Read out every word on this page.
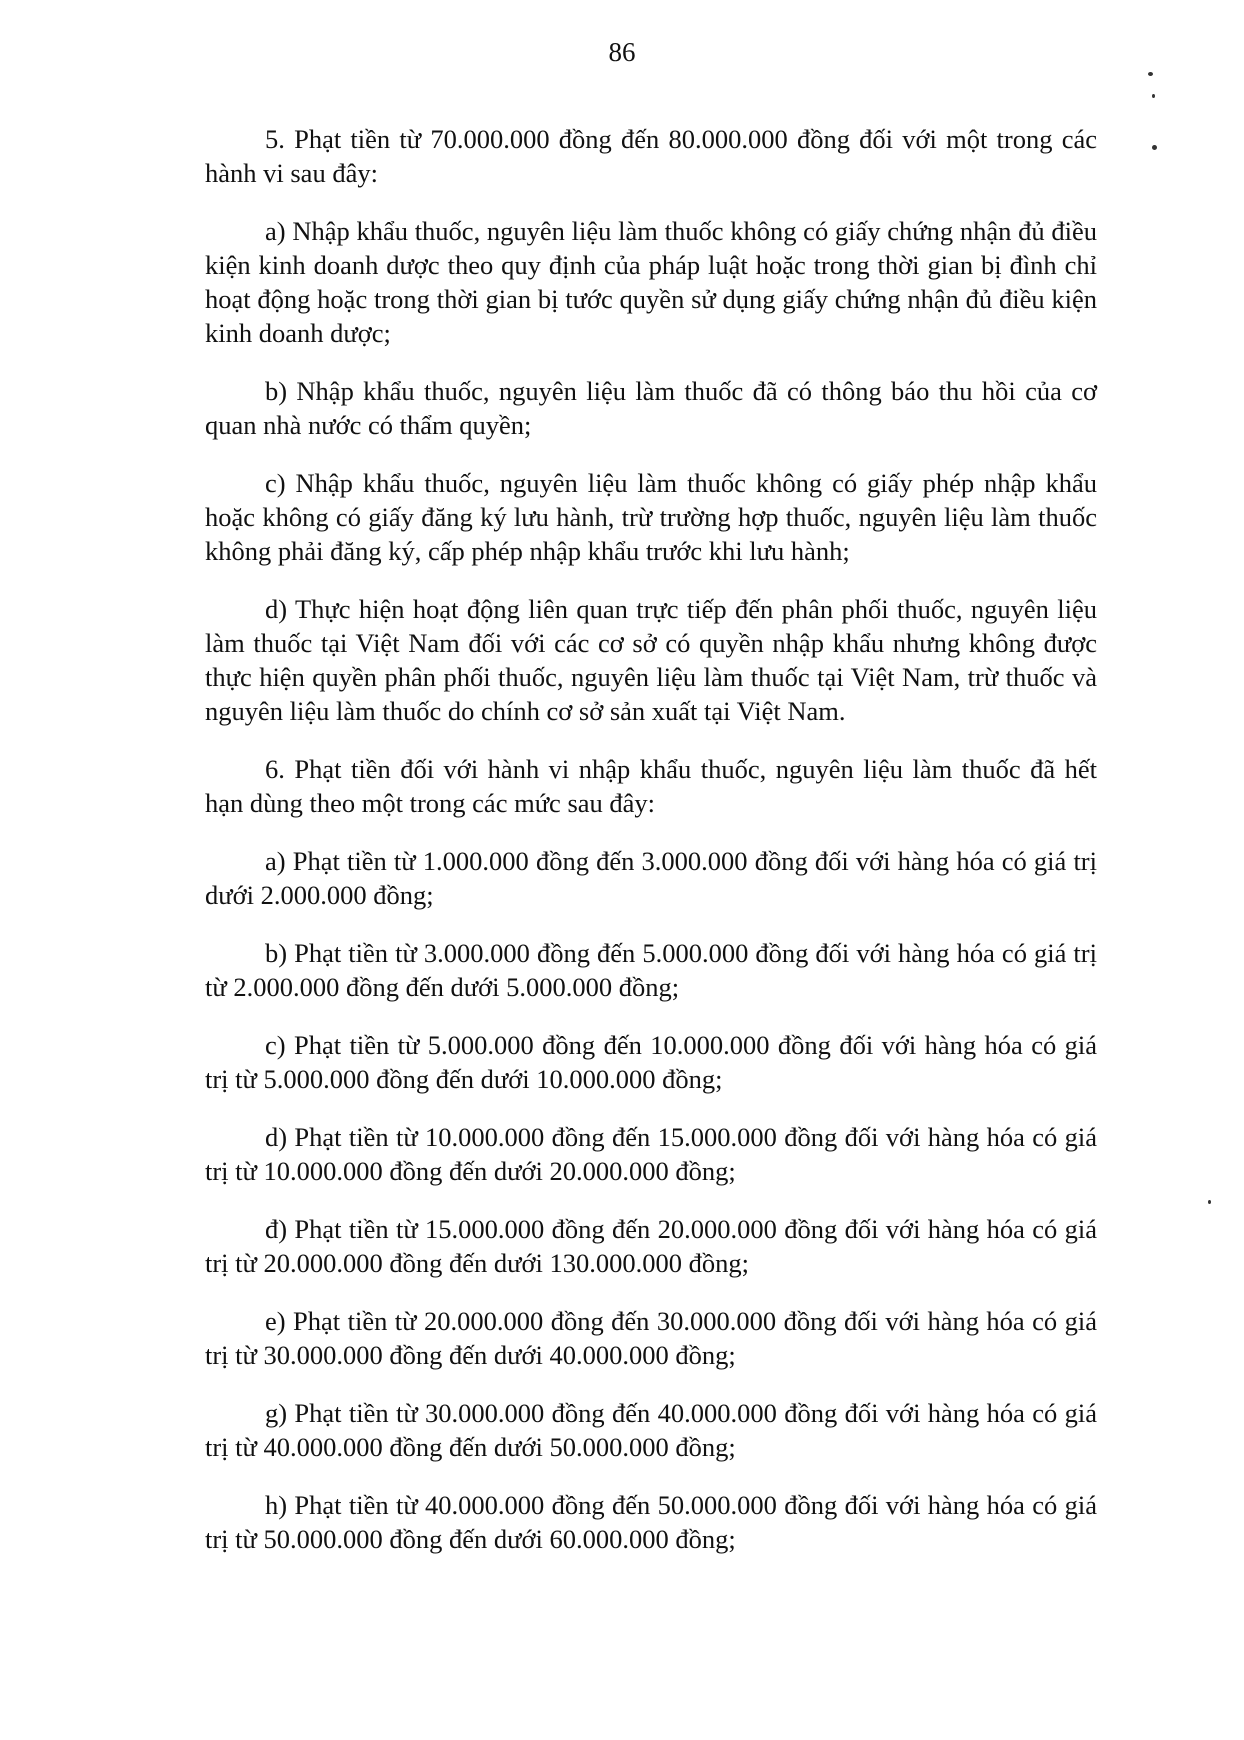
86

5. Phạt tiền từ 70.000.000 đồng đến 80.000.000 đồng đối với một trong các hành vi sau đây:

a) Nhập khẩu thuốc, nguyên liệu làm thuốc không có giấy chứng nhận đủ điều kiện kinh doanh dược theo quy định của pháp luật hoặc trong thời gian bị đình chỉ hoạt động hoặc trong thời gian bị tước quyền sử dụng giấy chứng nhận đủ điều kiện kinh doanh dược;

b) Nhập khẩu thuốc, nguyên liệu làm thuốc đã có thông báo thu hồi của cơ quan nhà nước có thẩm quyền;

c) Nhập khẩu thuốc, nguyên liệu làm thuốc không có giấy phép nhập khẩu hoặc không có giấy đăng ký lưu hành, trừ trường hợp thuốc, nguyên liệu làm thuốc không phải đăng ký, cấp phép nhập khẩu trước khi lưu hành;

d) Thực hiện hoạt động liên quan trực tiếp đến phân phối thuốc, nguyên liệu làm thuốc tại Việt Nam đối với các cơ sở có quyền nhập khẩu nhưng không được thực hiện quyền phân phối thuốc, nguyên liệu làm thuốc tại Việt Nam, trừ thuốc và nguyên liệu làm thuốc do chính cơ sở sản xuất tại Việt Nam.

6. Phạt tiền đối với hành vi nhập khẩu thuốc, nguyên liệu làm thuốc đã hết hạn dùng theo một trong các mức sau đây:

a) Phạt tiền từ 1.000.000 đồng đến 3.000.000 đồng đối với hàng hóa có giá trị dưới 2.000.000 đồng;

b) Phạt tiền từ 3.000.000 đồng đến 5.000.000 đồng đối với hàng hóa có giá trị từ 2.000.000 đồng đến dưới 5.000.000 đồng;

c) Phạt tiền từ 5.000.000 đồng đến 10.000.000 đồng đối với hàng hóa có giá trị từ 5.000.000 đồng đến dưới 10.000.000 đồng;

d) Phạt tiền từ 10.000.000 đồng đến 15.000.000 đồng đối với hàng hóa có giá trị từ 10.000.000 đồng đến dưới 20.000.000 đồng;

đ) Phạt tiền từ 15.000.000 đồng đến 20.000.000 đồng đối với hàng hóa có giá trị từ 20.000.000 đồng đến dưới 130.000.000 đồng;

e) Phạt tiền từ 20.000.000 đồng đến 30.000.000 đồng đối với hàng hóa có giá trị từ 30.000.000 đồng đến dưới 40.000.000 đồng;

g) Phạt tiền từ 30.000.000 đồng đến 40.000.000 đồng đối với hàng hóa có giá trị từ 40.000.000 đồng đến dưới 50.000.000 đồng;

h) Phạt tiền từ 40.000.000 đồng đến 50.000.000 đồng đối với hàng hóa có giá trị từ 50.000.000 đồng đến dưới 60.000.000 đồng;
